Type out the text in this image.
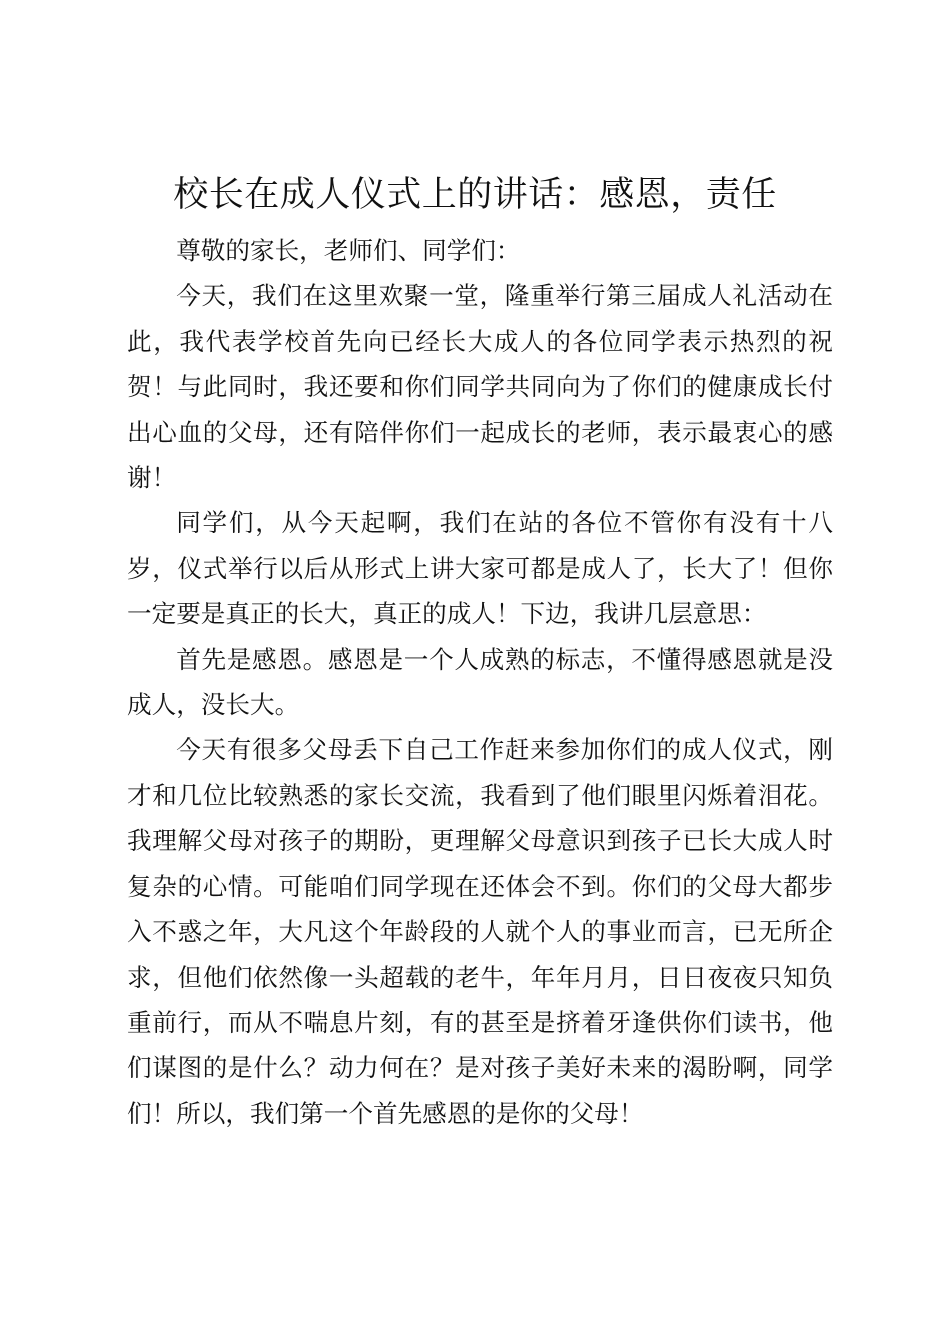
校长在成人仪式上的讲话：感恩，责任

尊敬的家长，老师们、同学们：

今天，我们在这里欢聚一堂，隆重举行第三届成人礼活动在此，我代表学校首先向已经长大成人的各位同学表示热烈的祝贺！与此同时，我还要和你们同学共同向为了你们的健康成长付出心血的父母，还有陪伴你们一起成长的老师，表示最衷心的感谢！

同学们，从今天起啊，我们在站的各位不管你有没有十八岁，仪式举行以后从形式上讲大家可都是成人了，长大了！但你一定要是真正的长大，真正的成人！下边，我讲几层意思：

首先是感恩。感恩是一个人成熟的标志，不懂得感恩就是没成人，没长大。

今天有很多父母丢下自己工作赶来参加你们的成人仪式，刚才和几位比较熟悉的家长交流，我看到了他们眼里闪烁着泪花。我理解父母对孩子的期盼，更理解父母意识到孩子已长大成人时复杂的心情。可能咱们同学现在还体会不到。你们的父母大都步入不惑之年，大凡这个年龄段的人就个人的事业而言，已无所企求，但他们依然像一头超载的老牛，年年月月，日日夜夜只知负重前行，而从不喘息片刻，有的甚至是挤着牙逢供你们读书，他们谋图的是什么？动力何在？是对孩子美好未来的渴盼啊，同学们！所以，我们第一个首先感恩的是你的父母！
